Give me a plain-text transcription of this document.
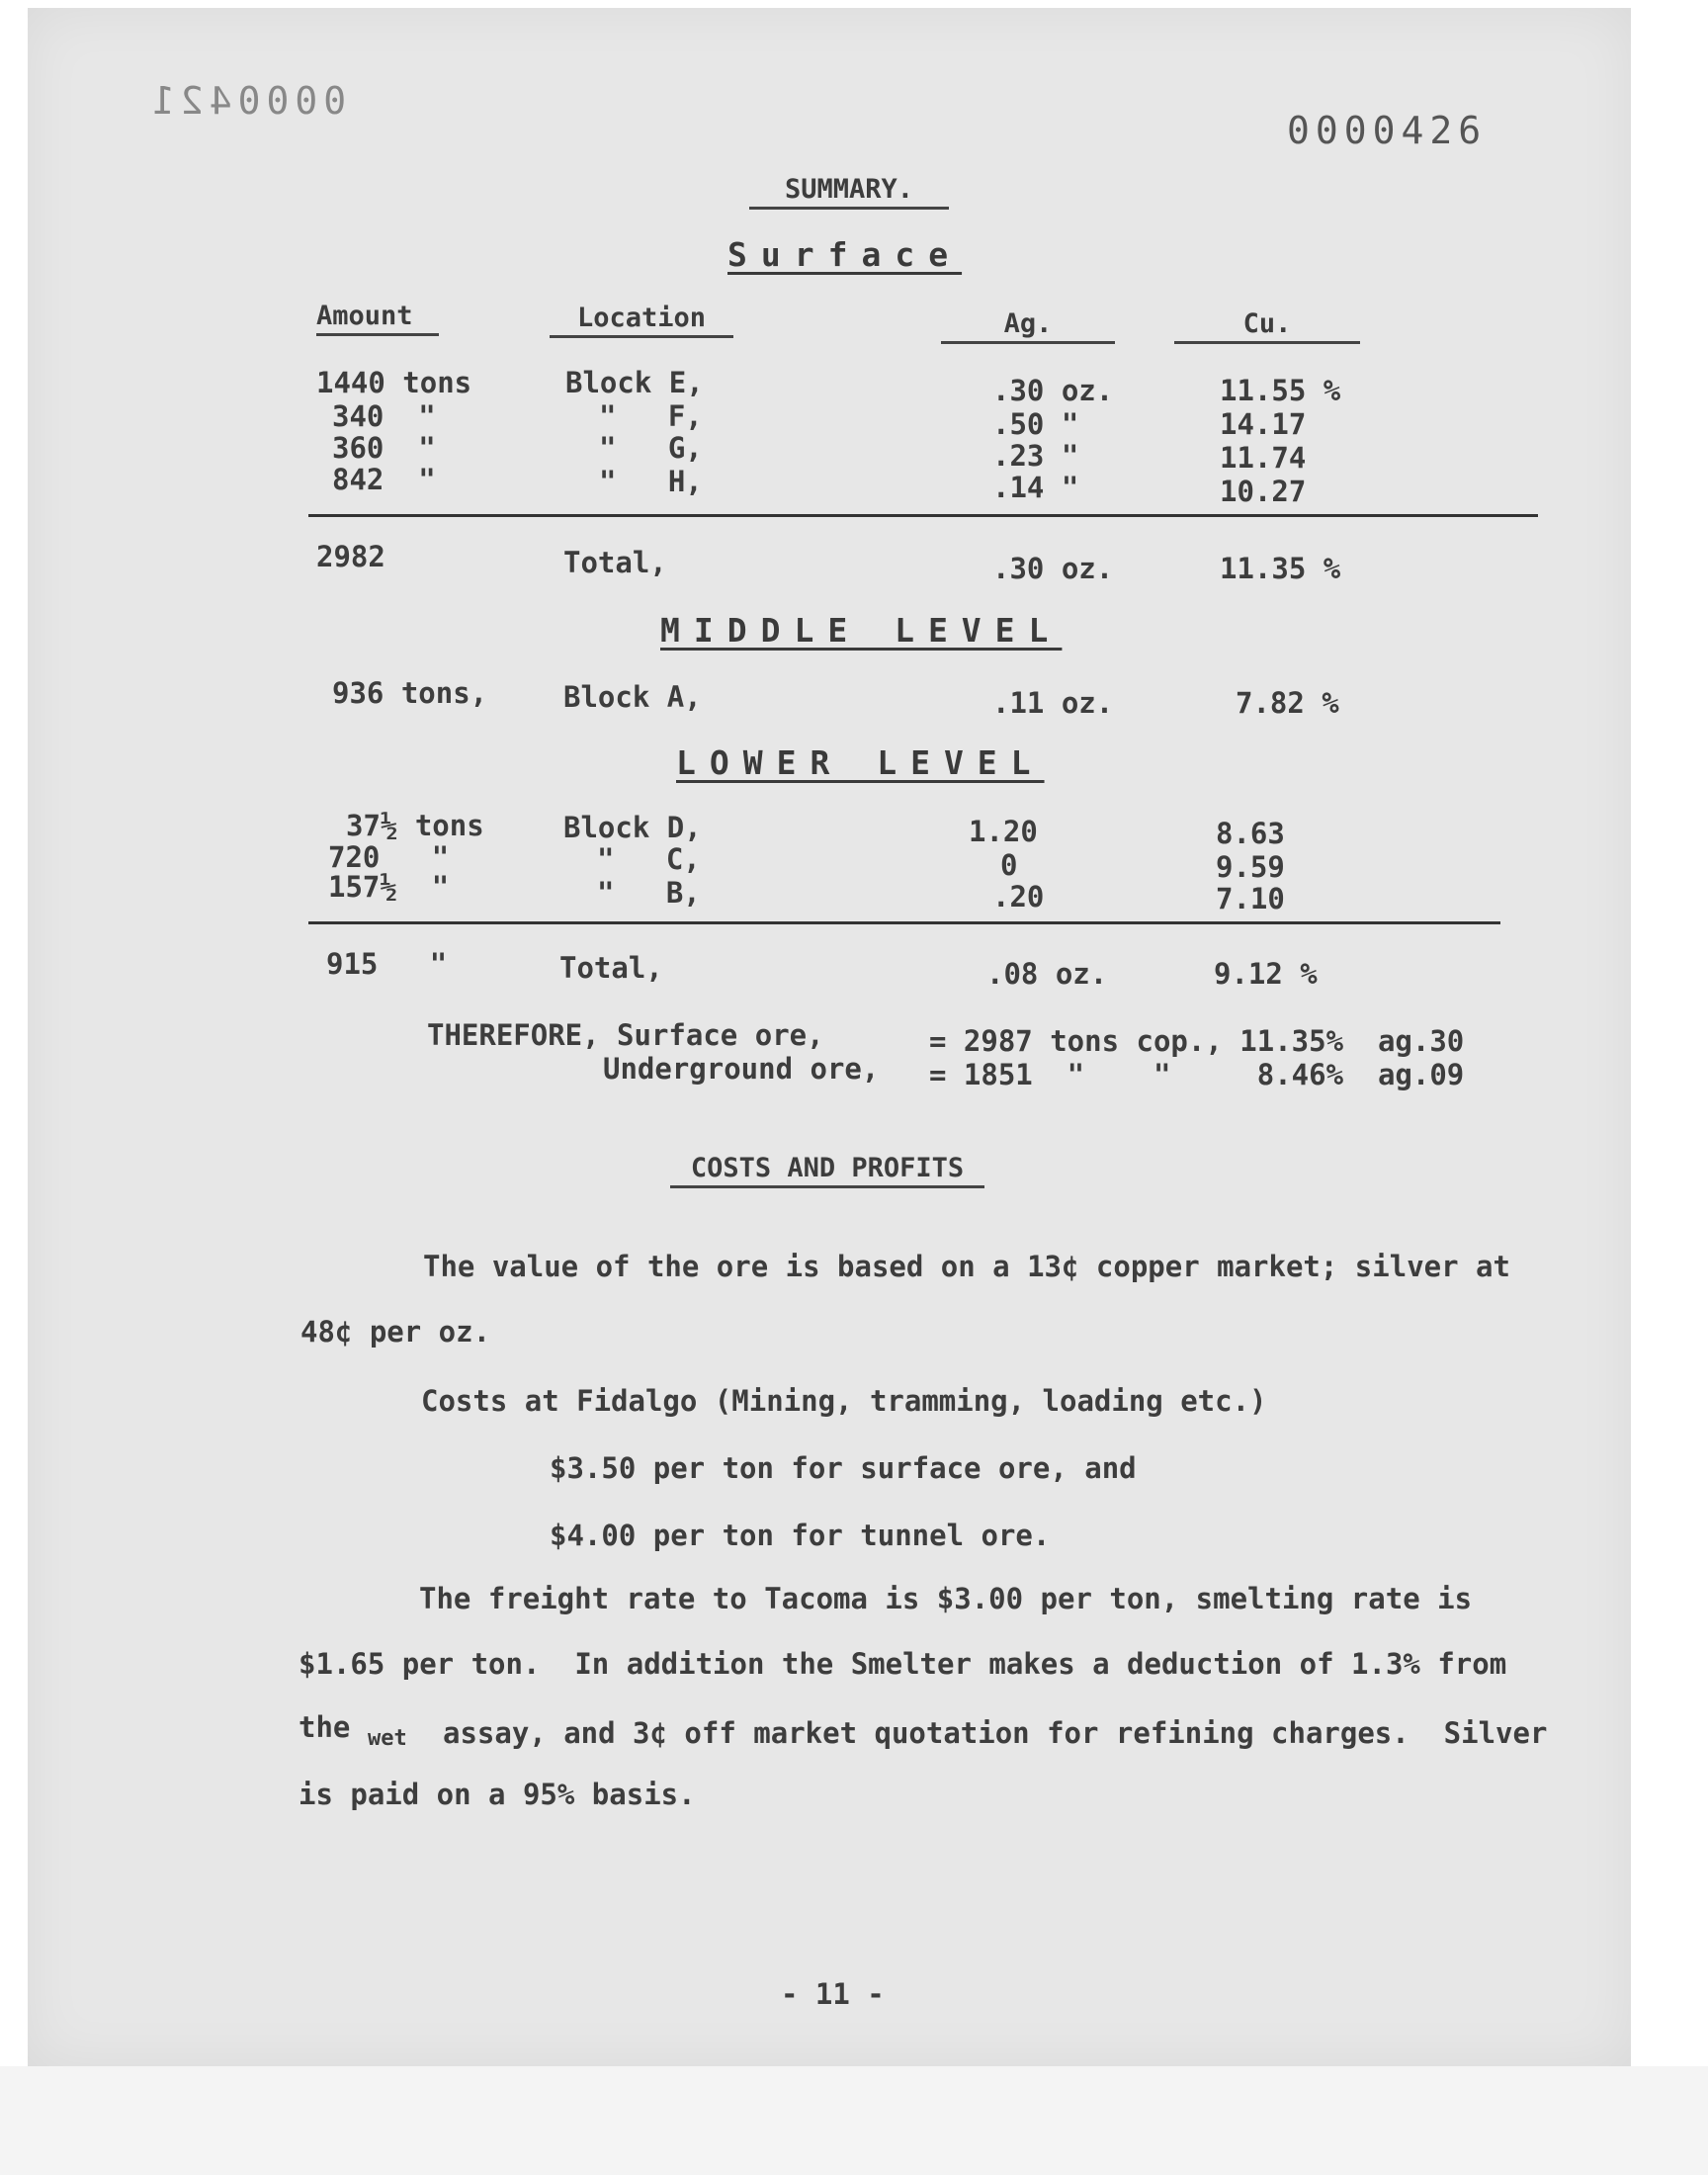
0000421
0000426
SUMMARY.
Surface
Amount	Location	Ag.	Cu.
1440 tons	Block E,	.30 oz.	11.55 %
340  "	"   F,	.50 "	14.17
360  "	"   G,	.23 "	11.74
842  "	"   H,	.14 "	10.27
2982	Total,	.30 oz.	11.35 %
MIDDLE LEVEL
936 tons,	Block A,	.11 oz.	7.82 %
LOWER LEVEL
37½ tons	Block D,	1.20	8.63
720   "	"   C,	0	9.59
157½  "	"   B,	.20	7.10
915   "	Total,	.08 oz.	9.12 %
THEREFORE, Surface ore,	= 2987 tons cop., 11.35%  ag.30
Underground ore, = 1851  "    "     8.46%  ag.09
COSTS AND PROFITS
The value of the ore is based on a 13¢ copper market; silver at
48¢ per oz.
Costs at Fidalgo (Mining, tramming, loading etc.)
$3.50 per ton for surface ore, and
$4.00 per ton for tunnel ore.
The freight rate to Tacoma is $3.00 per ton, smelting rate is
$1.65 per ton.  In addition the Smelter makes a deduction of 1.3% from
the wet assay, and 3¢ off market quotation for refining charges.  Silver
is paid on a 95% basis.
- 11 -
